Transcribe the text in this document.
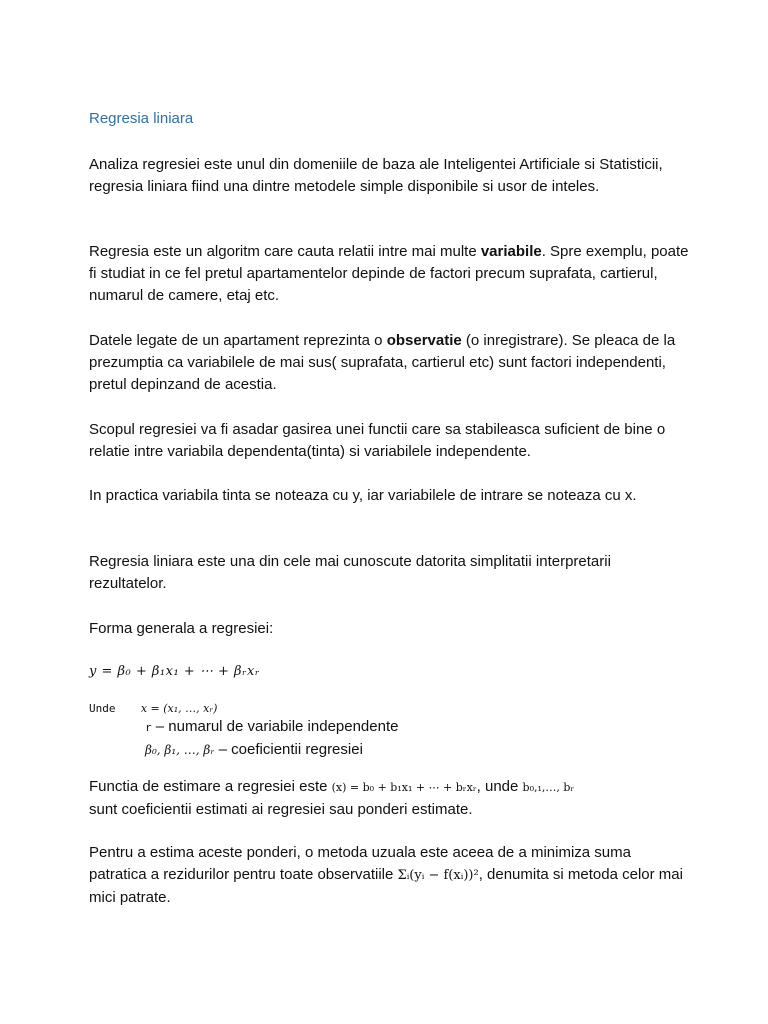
Regresia liniara
Analiza regresiei este unul din domeniile de baza ale Inteligentei Artificiale si Statisticii, regresia liniara fiind una dintre metodele simple disponibile si usor de inteles.
Regresia este un algoritm care cauta relatii intre mai multe variabile. Spre exemplu, poate fi studiat in ce fel pretul apartamentelor depinde de factori precum suprafata, cartierul, numarul de camere, etaj etc.
Datele legate de un apartament reprezinta o observatie (o inregistrare). Se pleaca de la prezumptia ca variabilele de mai sus( suprafata, cartierul etc) sunt factori independenti, pretul depinzand de acestia.
Scopul regresiei va fi asadar gasirea unei functii care sa stabileasca suficient de bine o relatie intre variabila dependenta(tinta) si variabilele independente.
In practica variabila tinta se noteaza cu y, iar variabilele de intrare se noteaza cu x.
Regresia liniara este una din cele mai cunoscute datorita simplitatii interpretarii rezultatelor.
Forma generala a regresiei:
y = β₀ + β₁x₁ + ⋯ + βᵣxᵣ
Unde x = (x₁, …, xᵣ)
r – numarul de variabile independente
β₀, β₁, …, βᵣ – coeficientii regresiei
Functia de estimare a regresiei este (x) = b₀ + b₁x₁ + ⋯ + bᵣxᵣ, unde b₀,₁,…, bᵣ
sunt coeficientii estimati ai regresiei sau ponderi estimate.
Pentru a estima aceste ponderi, o metoda uzuala este aceea de a minimiza suma patratica a rezidurilor pentru toate observatiile Σᵢ(yᵢ − f(xᵢ))², denumita si metoda celor mai mici patrate.
